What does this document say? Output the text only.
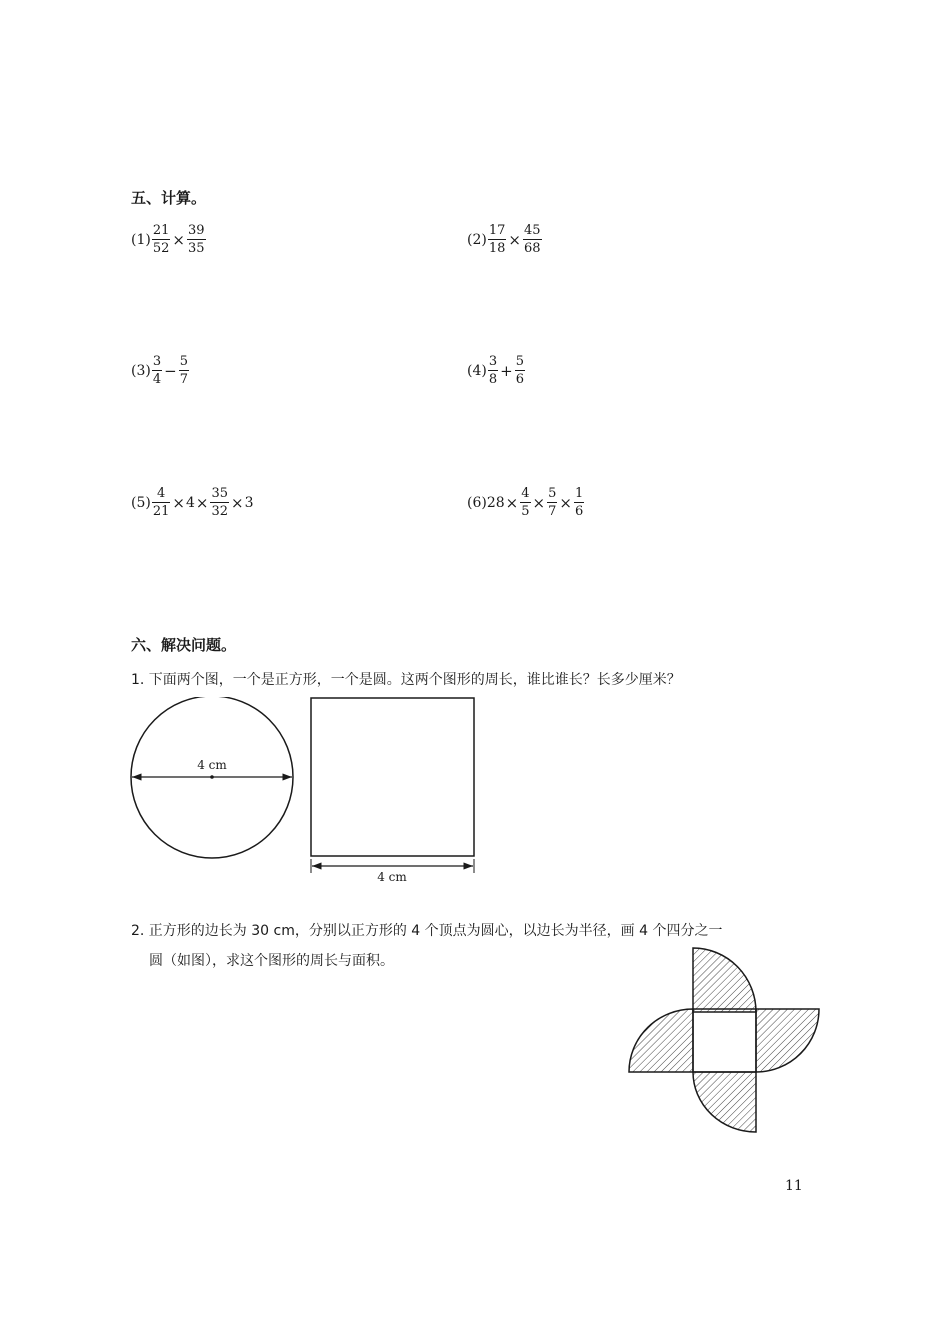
五、计算。
$(1) \frac{21}{52} \times \frac{39}{35}$	$(2) \frac{17}{18} \times \frac{45}{68}$
$(3) \frac{3}{4} - \frac{5}{7}$	$(4) \frac{3}{8} + \frac{5}{6}$
$(5) \frac{4}{21} \times 4 \times \frac{35}{32} \times 3$	(6) $28 \times \frac{4}{5} \times \frac{5}{7} \times \frac{1}{6}$
六、解决问题。
1. 下面两个图，一个是正方形，一个是圆。这两个图形的周长，谁比谁长？长多少厘米？
4 cm
4 cm
2. 正方形的边长为 30 cm，分别以正方形的 4 个顶点为圆心，以边长为半径，画 4 个四分之一
圆（如图），求这个图形的周长与面积。
11
